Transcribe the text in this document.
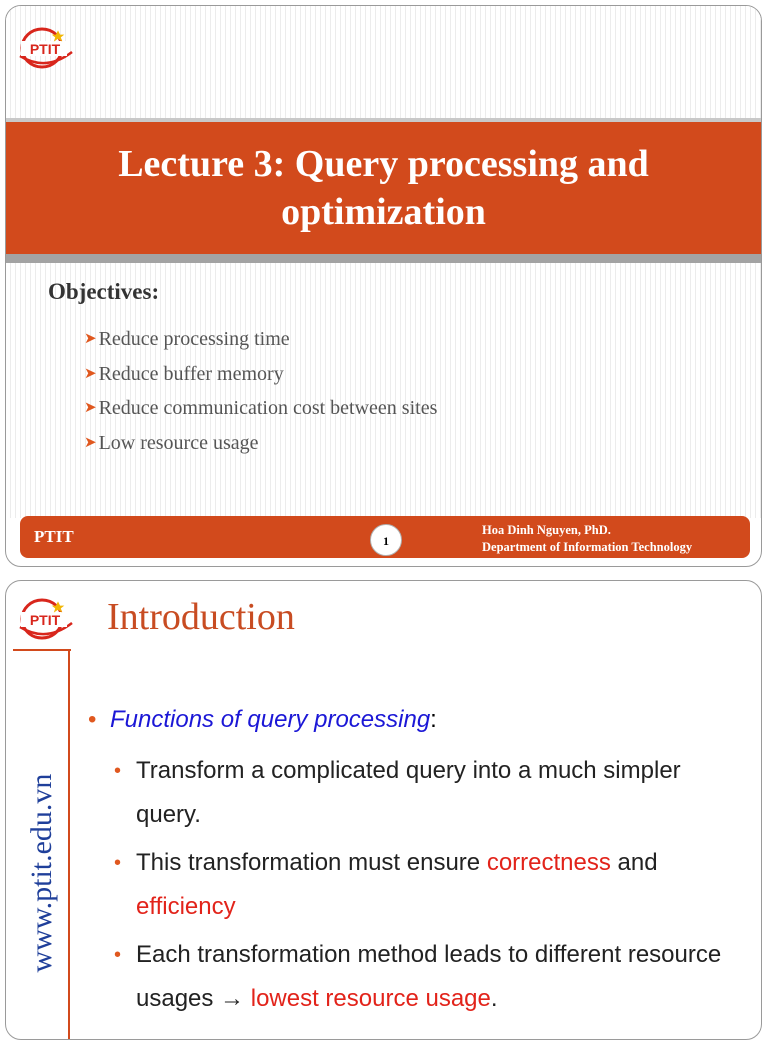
PTIT
Lecture 3: Query processing and optimization
Objectives:
➤ Reduce processing time
➤ Reduce buffer memory
➤ Reduce communication cost between sites
➤ Low resource usage
PTIT	1
Hoa Dinh Nguyen, PhD.
Department of Information Technology
PTIT Introduction
www.ptit.edu.vn
• Functions of query processing:
• Transform a complicated query into a much simpler query.
• This transformation must ensure correctness and efficiency
• Each transformation method leads to different resource usages → lowest resource usage.
